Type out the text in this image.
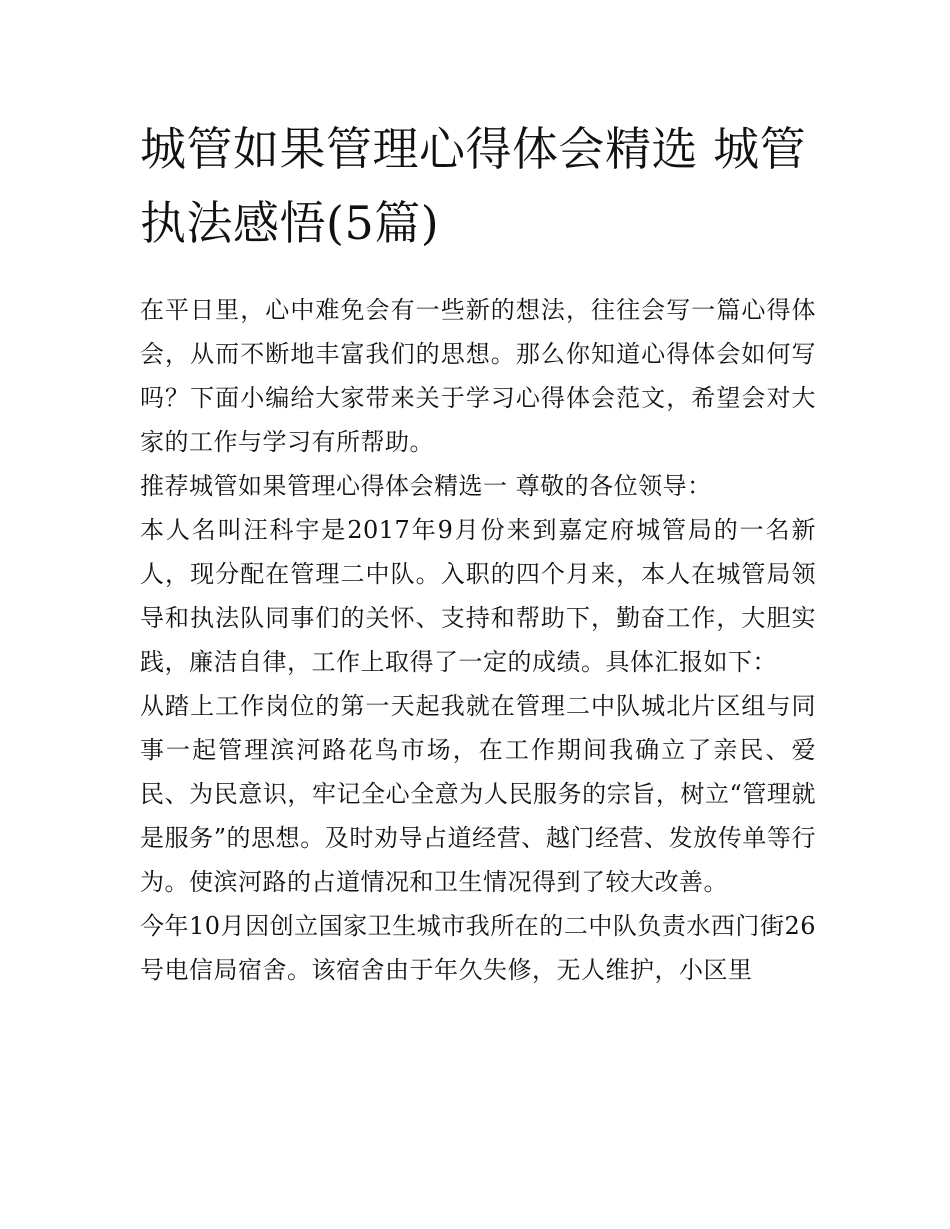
城管如果管理心得体会精选 城管执法感悟(5篇)

在平日里，心中难免会有一些新的想法，往往会写一篇心得体会，从而不断地丰富我们的思想。那么你知道心得体会如何写吗？下面小编给大家带来关于学习心得体会范文，希望会对大家的工作与学习有所帮助。

推荐城管如果管理心得体会精选一 尊敬的各位领导：

本人名叫汪科宇是2017年9月份来到嘉定府城管局的一名新人，现分配在管理二中队。入职的四个月来，本人在城管局领导和执法队同事们的关怀、支持和帮助下，勤奋工作，大胆实践，廉洁自律，工作上取得了一定的成绩。具体汇报如下：

从踏上工作岗位的第一天起我就在管理二中队城北片区组与同事一起管理滨河路花鸟市场，在工作期间我确立了亲民、爱民、为民意识，牢记全心全意为人民服务的宗旨，树立“管理就是服务”的思想。及时劝导占道经营、越门经营、发放传单等行为。使滨河路的占道情况和卫生情况得到了较大改善。

今年10月因创立国家卫生城市我所在的二中队负责水西门街26号电信局宿舍。该宿舍由于年久失修，无人维护，小区里
